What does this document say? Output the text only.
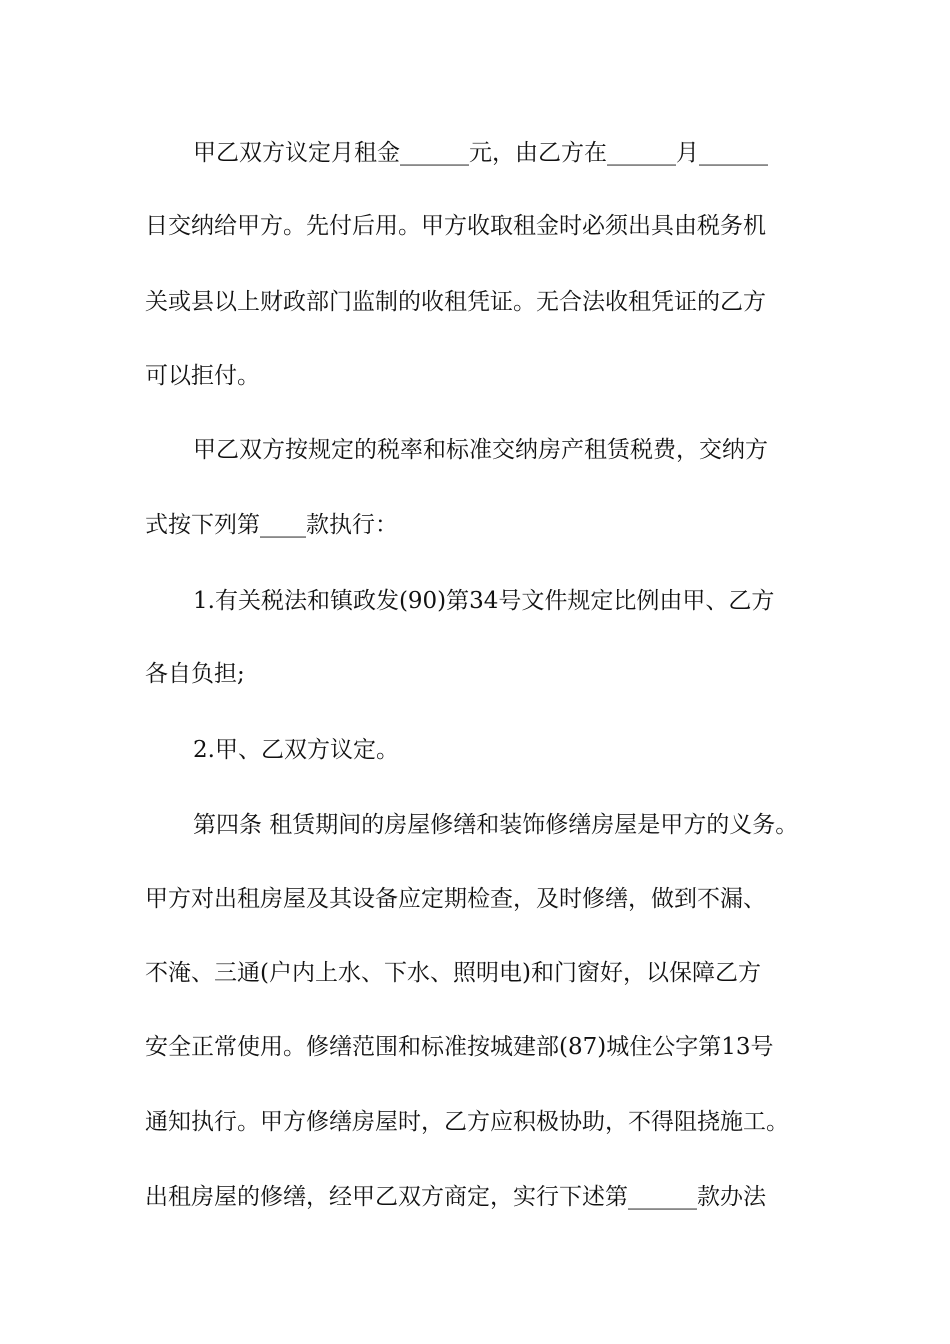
甲乙双方议定月租金______元，由乙方在______月______
日交纳给甲方。先付后用。甲方收取租金时必须出具由税务机
关或县以上财政部门监制的收租凭证。无合法收租凭证的乙方
可以拒付。
甲乙双方按规定的税率和标准交纳房产租赁税费，交纳方
式按下列第____款执行：
1.有关税法和镇政发(90)第34号文件规定比例由甲、乙方
各自负担;
2.甲、乙双方议定。
第四条 租赁期间的房屋修缮和装饰修缮房屋是甲方的义务。
甲方对出租房屋及其设备应定期检查，及时修缮，做到不漏、
不淹、三通(户内上水、下水、照明电)和门窗好，以保障乙方
安全正常使用。修缮范围和标准按城建部(87)城住公字第13号
通知执行。甲方修缮房屋时，乙方应积极协助，不得阻挠施工。
出租房屋的修缮，经甲乙双方商定，实行下述第______款办法
